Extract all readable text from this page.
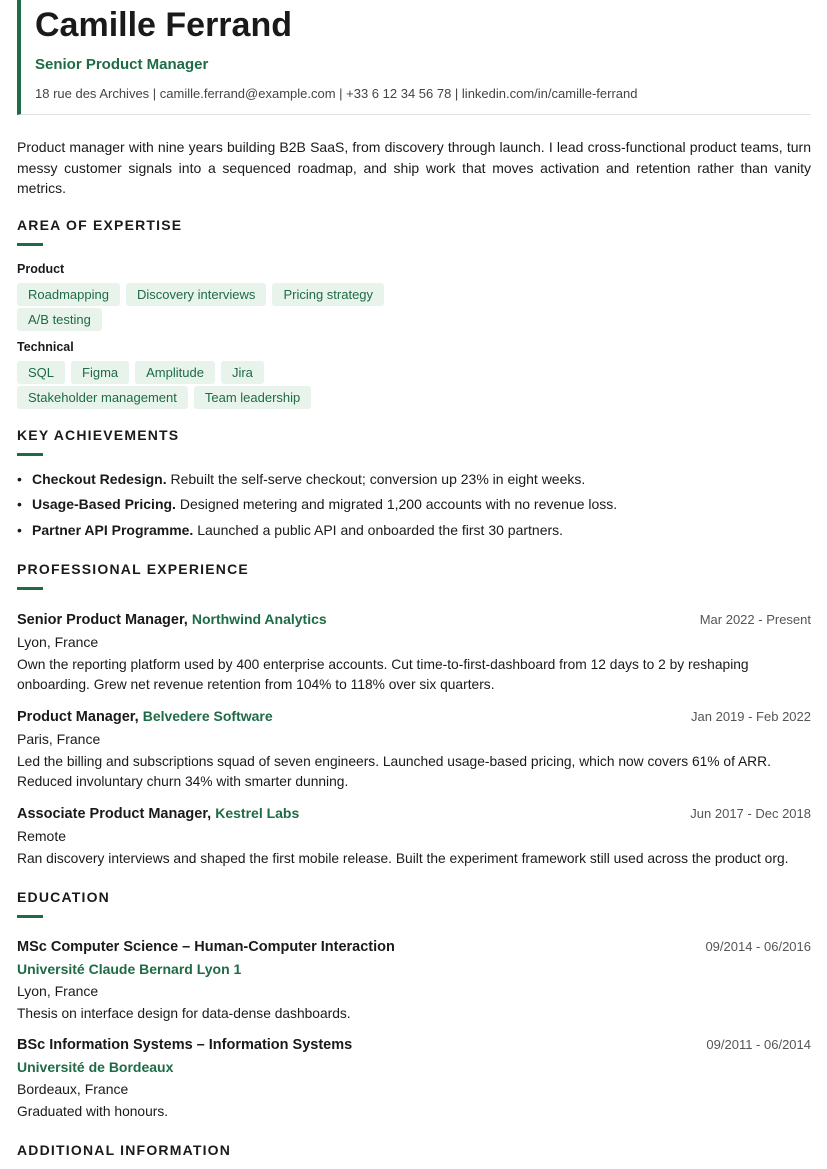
Camille Ferrand
Senior Product Manager
18 rue des Archives | camille.ferrand@example.com | +33 6 12 34 56 78 | linkedin.com/in/camille-ferrand

Product manager with nine years building B2B SaaS, from discovery through launch. I lead cross-functional product teams, turn messy customer signals into a sequenced roadmap, and ship work that moves activation and retention rather than vanity metrics.

AREA OF EXPERTISE
Product
Roadmapping	Discovery interviews	Pricing strategy
A/B testing
Technical
SQL	Figma	Amplitude	Jira
Stakeholder management	Team leadership
KEY ACHIEVEMENTS
• Checkout Redesign. Rebuilt the self-serve checkout; conversion up 23% in eight weeks.
• Usage-Based Pricing. Designed metering and migrated 1,200 accounts with no revenue loss.
• Partner API Programme. Launched a public API and onboarded the first 30 partners.
PROFESSIONAL EXPERIENCE
Senior Product Manager, Northwind Analytics	Mar 2022 - Present
Lyon, France
Own the reporting platform used by 400 enterprise accounts. Cut time-to-first-dashboard from 12 days to 2 by reshaping onboarding. Grew net revenue retention from 104% to 118% over six quarters.
Product Manager, Belvedere Software	Jan 2019 - Feb 2022
Paris, France
Led the billing and subscriptions squad of seven engineers. Launched usage-based pricing, which now covers 61% of ARR. Reduced involuntary churn 34% with smarter dunning.
Associate Product Manager, Kestrel Labs	Jun 2017 - Dec 2018
Remote
Ran discovery interviews and shaped the first mobile release. Built the experiment framework still used across the product org.
EDUCATION
MSc Computer Science – Human-Computer Interaction	09/2014 - 06/2016
Université Claude Bernard Lyon 1
Lyon, France
Thesis on interface design for data-dense dashboards.
BSc Information Systems – Information Systems	09/2011 - 06/2014
Université de Bordeaux
Bordeaux, France
Graduated with honours.
ADDITIONAL INFORMATION
